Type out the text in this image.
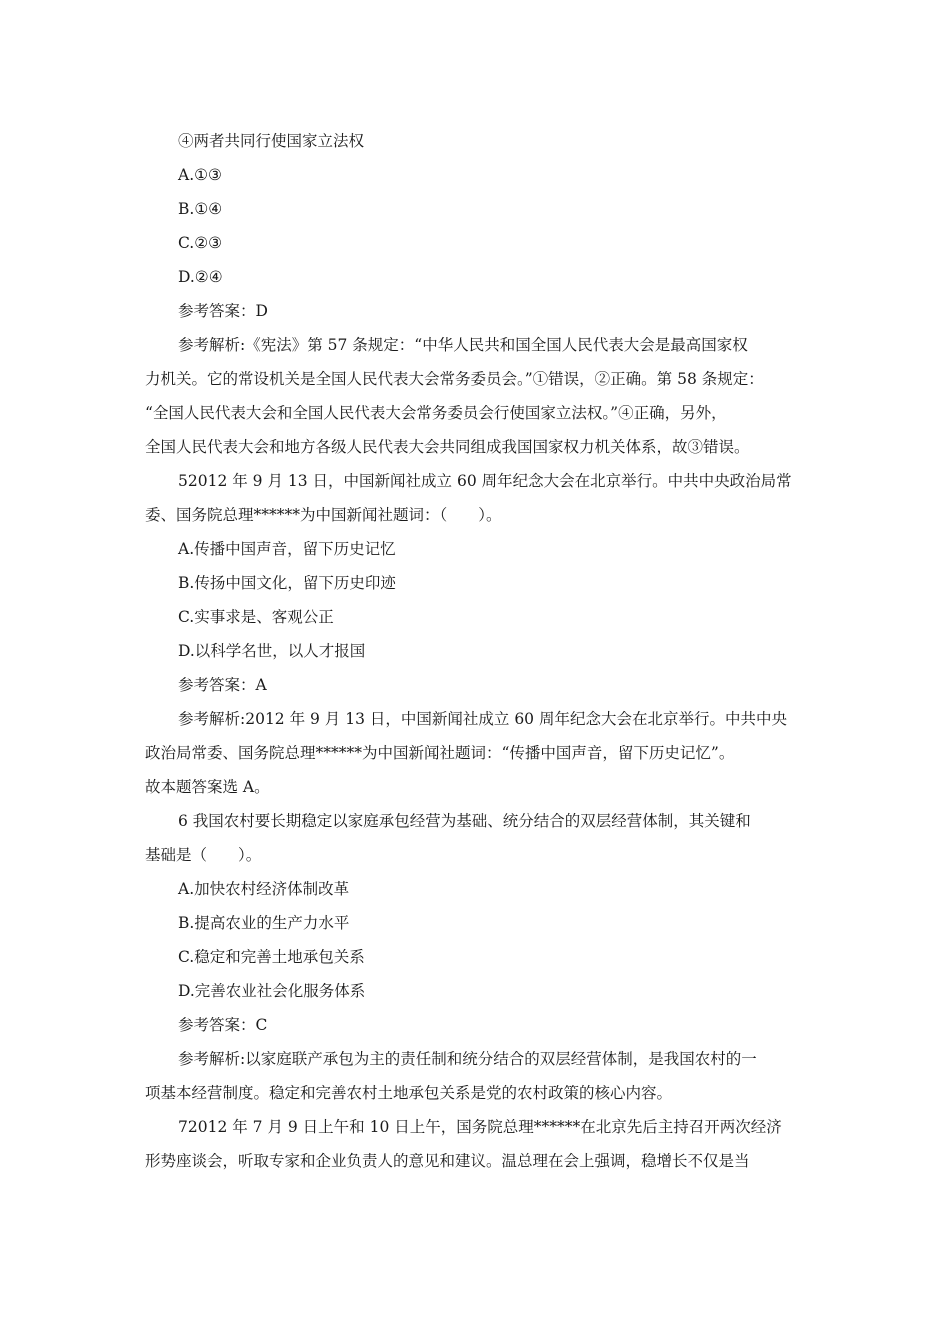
④两者共同行使国家立法权
A.①③
B.①④
C.②③
D.②④
参考答案：D
参考解析:《宪法》第 57 条规定：“中华人民共和国全国人民代表大会是最高国家权
力机关。它的常设机关是全国人民代表大会常务委员会。”①错误，②正确。第 58 条规定：
“全国人民代表大会和全国人民代表大会常务委员会行使国家立法权。”④正确，另外，
全国人民代表大会和地方各级人民代表大会共同组成我国国家权力机关体系，故③错误。
52012 年 9 月 13 日，中国新闻社成立 60 周年纪念大会在北京举行。中共中央政治局常
委、国务院总理******为中国新闻社题词：（　　）。
A.传播中国声音，留下历史记忆
B.传扬中国文化，留下历史印迹
C.实事求是、客观公正
D.以科学名世，以人才报国
参考答案：A
参考解析:2012 年 9 月 13 日，中国新闻社成立 60 周年纪念大会在北京举行。中共中央
政治局常委、国务院总理******为中国新闻社题词：“传播中国声音，留下历史记忆”。
故本题答案选 A。
6 我国农村要长期稳定以家庭承包经营为基础、统分结合的双层经营体制，其关键和
基础是（　　）。
A.加快农村经济体制改革
B.提高农业的生产力水平
C.稳定和完善土地承包关系
D.完善农业社会化服务体系
参考答案：C
参考解析:以家庭联产承包为主的责任制和统分结合的双层经营体制，是我国农村的一
项基本经营制度。稳定和完善农村土地承包关系是党的农村政策的核心内容。
72012 年 7 月 9 日上午和 10 日上午，国务院总理******在北京先后主持召开两次经济
形势座谈会，听取专家和企业负责人的意见和建议。温总理在会上强调，稳增长不仅是当
